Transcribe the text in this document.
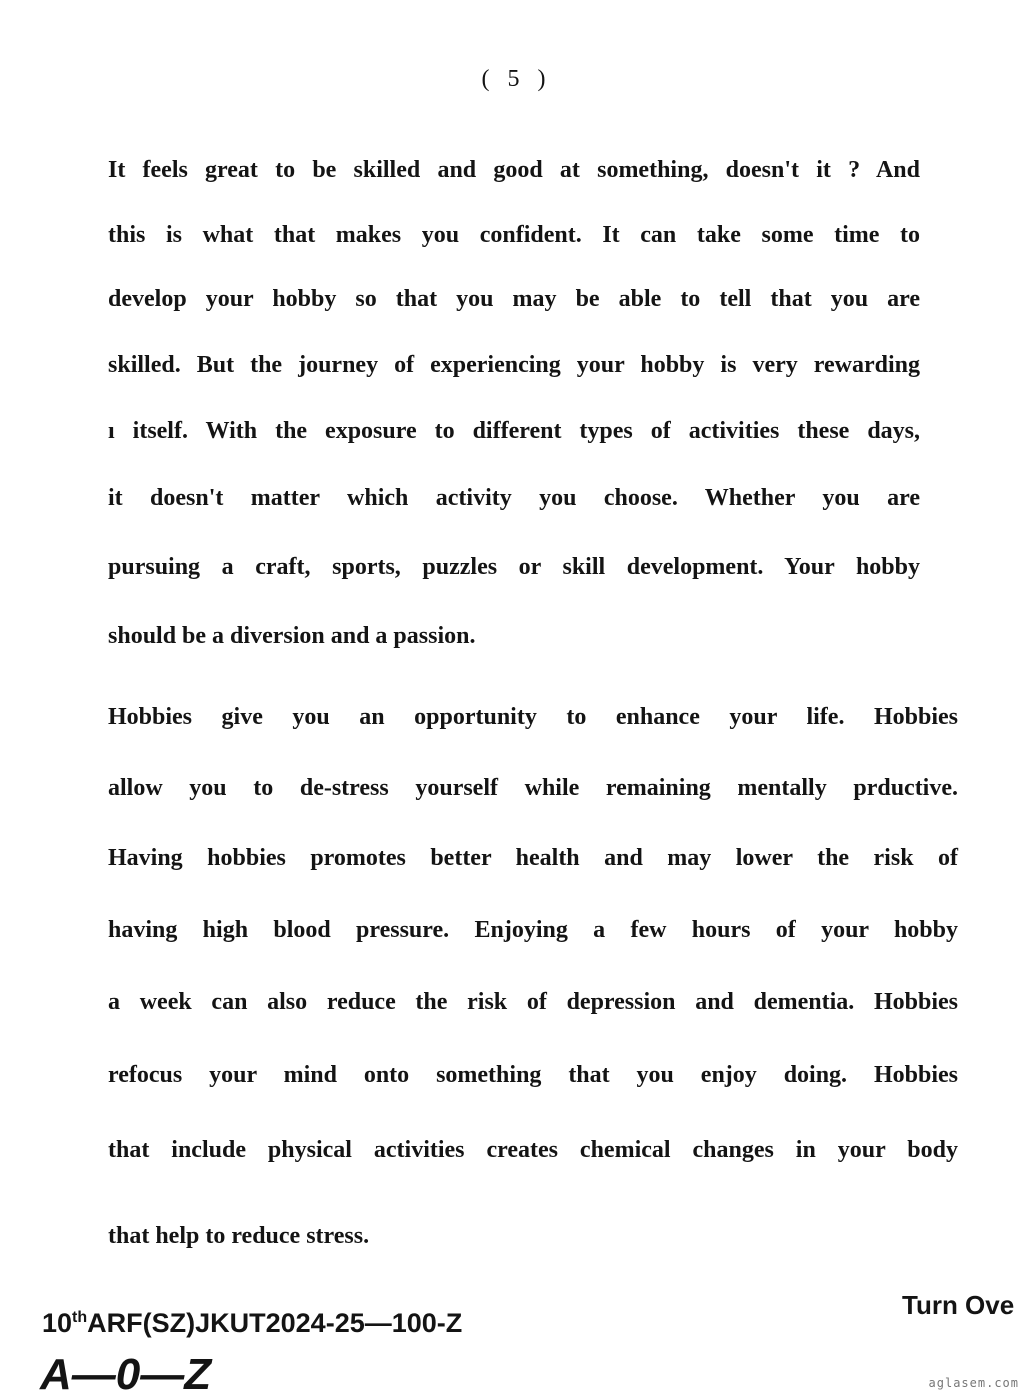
( 5 )
It feels great to be skilled and good at something, doesn't it ? And
this is what that makes you confident. It can take some time to
develop your hobby so that you may be able to tell that you are
skilled. But the journey of experiencing your hobby is very rewarding
ı itself. With the exposure to different types of activities these days,
it doesn't matter which activity you choose. Whether you are
pursuing a craft, sports, puzzles or skill development. Your hobby
should be a diversion and a passion.
Hobbies give you an opportunity to enhance your life. Hobbies
allow you to de-stress yourself while remaining mentally prductive.
Having hobbies promotes better health and may lower the risk of
having high blood pressure. Enjoying a few hours of your hobby
a week can also reduce the risk of depression and dementia. Hobbies
refocus your mind onto something that you enjoy doing. Hobbies
that include physical activities creates chemical changes in your body
that help to reduce stress.
Turn Ove
10thARF(SZ)JKUT2024-25—100-Z
A—0—Z	aglasem.com
